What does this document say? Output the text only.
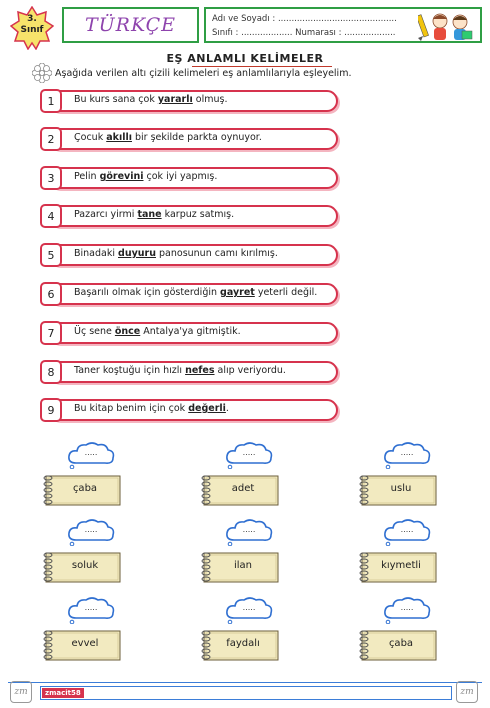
3.
Sınıf	TÜRKÇE	Adı ve Soyadı : ............................................
Sınıfı : ................... Numarası : ...................
EŞ ANLAMLI KELİMELER
Aşağıda verilen altı çizili kelimeleri eş anlamlılarıyla eşleyelim.
1 Bu kurs sana çok yararlı olmuş.
2 Çocuk akıllı bir şekilde parkta oynuyor.
3 Pelin görevini çok iyi yapmış.
4 Pazarcı yirmi tane karpuz satmış.
5 Binadaki duyuru panosunun camı kırılmış.
6 Başarılı olmak için gösterdiğin gayret yeterli değil.
7 Üç sene önce Antalya'ya gitmiştik.
8 Taner koştuğu için hızlı nefes alıp veriyordu.
9 Bu kitap benim için çok değerli.
.....
çaba
.....
adet
.....
uslu
.....
soluk
.....
ilan
.....
kıymetli
.....
evvel
.....
faydalı
.....
çaba
zm	zm
zmacit58
